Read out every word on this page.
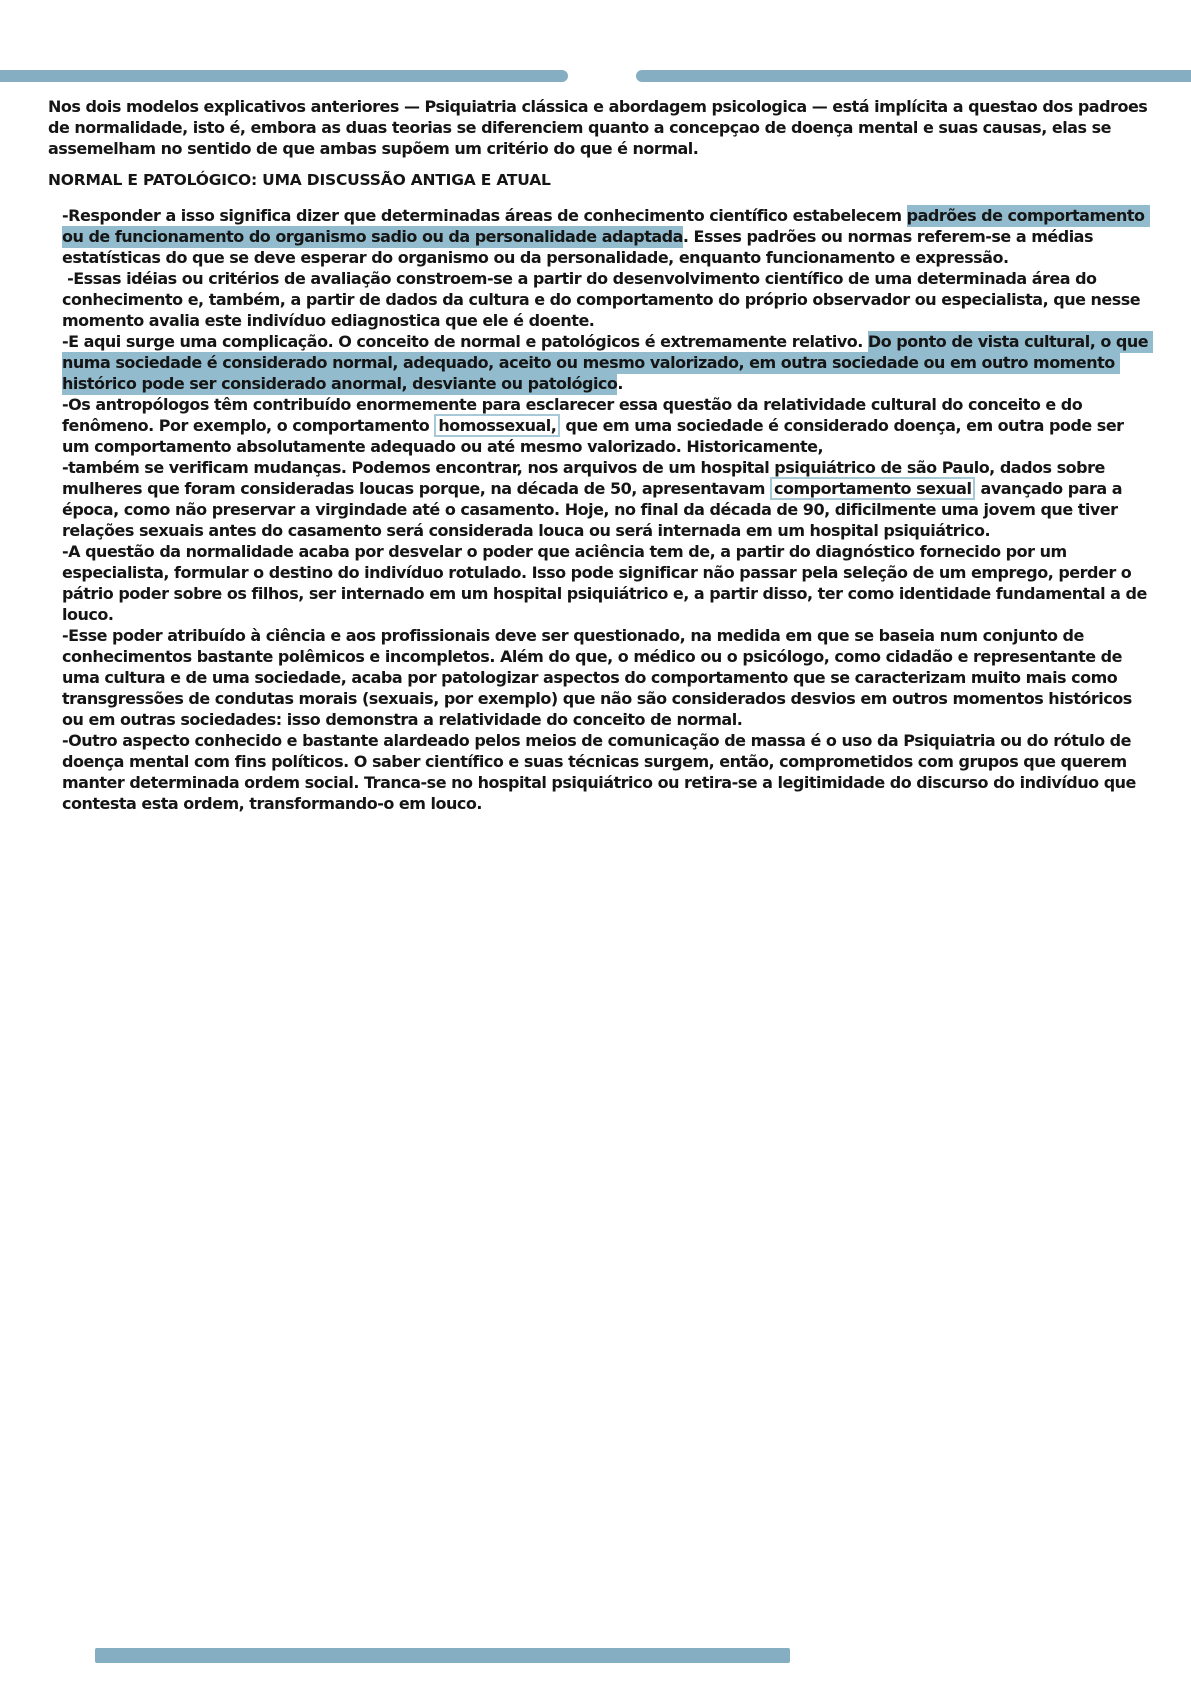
Nos dois modelos explicativos anteriores — Psiquiatria clássica e abordagem psicologica — está implícita a questao dos padroes de normalidade, isto é, embora as duas teorias se diferenciem quanto a concepçao de doença mental e suas causas, elas se assemelham no sentido de que ambas supõem um critério do que é normal.

NORMAL E PATOLÓGICO: UMA DISCUSSÃO ANTIGA E ATUAL

-Responder a isso significa dizer que determinadas áreas de conhecimento científico estabelecem padrões de comportamento ou de funcionamento do organismo sadio ou da personalidade adaptada. Esses padrões ou normas referem-se a médias estatísticas do que se deve esperar do organismo ou da personalidade, enquanto funcionamento e expressão.

-Essas idéias ou critérios de avaliação constroem-se a partir do desenvolvimento científico de uma determinada área do conhecimento e, também, a partir de dados da cultura e do comportamento do próprio observador ou especialista, que nesse momento avalia este indivíduo ediagnostica que ele é doente.

-E aqui surge uma complicação. O conceito de normal e patológicos é extremamente relativo. Do ponto de vista cultural, o que numa sociedade é considerado normal, adequado, aceito ou mesmo valorizado, em outra sociedade ou em outro momento histórico pode ser considerado anormal, desviante ou patológico.

-Os antropólogos têm contribuído enormemente para esclarecer essa questão da relatividade cultural do conceito e do fenômeno. Por exemplo, o comportamento homossexual, que em uma sociedade é considerado doença, em outra pode ser um comportamento absolutamente adequado ou até mesmo valorizado. Historicamente,

-também se verificam mudanças. Podemos encontrar, nos arquivos de um hospital psiquiátrico de são Paulo, dados sobre mulheres que foram consideradas loucas porque, na década de 50, apresentavam comportamento sexual avançado para a época, como não preservar a virgindade até o casamento. Hoje, no final da década de 90, dificilmente uma jovem que tiver relações sexuais antes do casamento será considerada louca ou será internada em um hospital psiquiátrico.

-A questão da normalidade acaba por desvelar o poder que aciência tem de, a partir do diagnóstico fornecido por um especialista, formular o destino do indivíduo rotulado. Isso pode significar não passar pela seleção de um emprego, perder o pátrio poder sobre os filhos, ser internado em um hospital psiquiátrico e, a partir disso, ter como identidade fundamental a de louco.

-Esse poder atribuído à ciência e aos profissionais deve ser questionado, na medida em que se baseia num conjunto de conhecimentos bastante polêmicos e incompletos. Além do que, o médico ou o psicólogo, como cidadão e representante de uma cultura e de uma sociedade, acaba por patologizar aspectos do comportamento que se caracterizam muito mais como transgressões de condutas morais (sexuais, por exemplo) que não são considerados desvios em outros momentos históricos ou em outras sociedades: isso demonstra a relatividade do conceito de normal.

-Outro aspecto conhecido e bastante alardeado pelos meios de comunicação de massa é o uso da Psiquiatria ou do rótulo de doença mental com fins políticos. O saber científico e suas técnicas surgem, então, comprometidos com grupos que querem manter determinada ordem social. Tranca-se no hospital psiquiátrico ou retira-se a legitimidade do discurso do indivíduo que contesta esta ordem, transformando-o em louco.
